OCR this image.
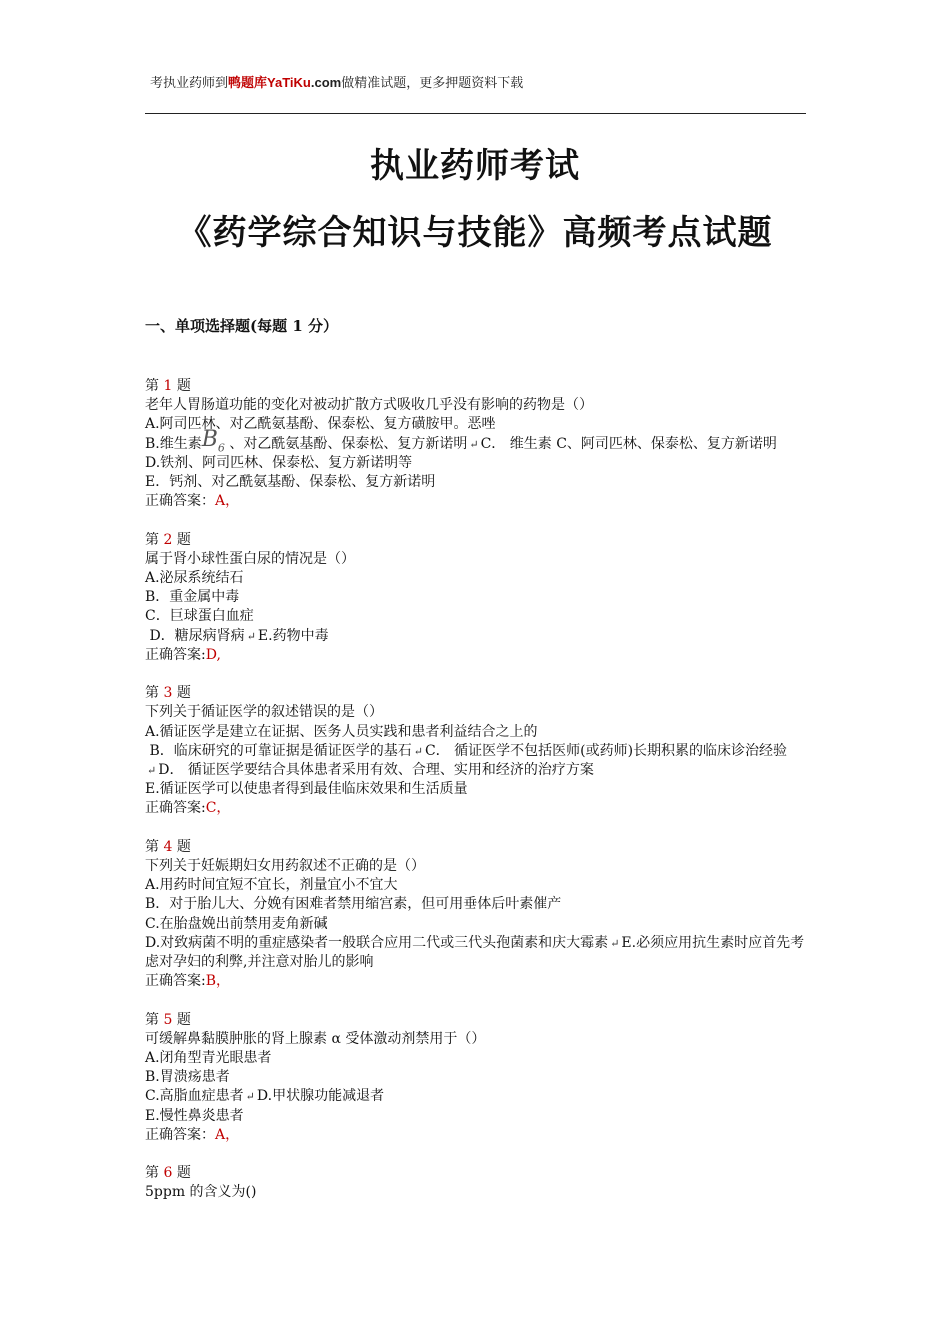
考执业药师到鸭题库YaTiKu.com做精准试题，更多押题资料下载
执业药师考试
《药学综合知识与技能》高频考点试题
一、单项选择题(每题 1 分）
第 1 题
老年人胃肠道功能的变化对被动扩散方式吸收几乎没有影响的药物是（）
A.阿司匹林、对乙酰氨基酚、保泰松、复方磺胺甲。恶唑
B.维生素$B_6$ 、对乙酰氨基酚、保泰松、复方新诺明 ↵ C． 维生素 C、阿司匹林、保泰松、复方新诺明
D.铁剂、阿司匹林、保泰松、复方新诺明等
E．钙剂、对乙酰氨基酚、保泰松、复方新诺明
正确答案：A，
第 2 题
属于肾小球性蛋白尿的情况是（）
A.泌尿系统结石
B．重金属中毒
C．巨球蛋白血症
D．糖尿病肾病 ↵ E.药物中毒
正确答案:D,
第 3 题
下列关于循证医学的叙述错误的是（）
A.循证医学是建立在证据、医务人员实践和患者利益结合之上的
B．临床研究的可靠证据是循证医学的基石 ↵ C． 循证医学不包括医师(或药师)长期积累的临床诊治经验↵ D． 循证医学要结合具体患者采用有效、合理、实用和经济的治疗方案
E.循证医学可以使患者得到最佳临床效果和生活质量
正确答案:C，
第 4 题
下列关于妊娠期妇女用药叙述不正确的是（）
A.用药时间宜短不宜长，剂量宜小不宜大
B．对于胎儿大、分娩有困难者禁用缩宫素，但可用垂体后叶素催产
C.在胎盘娩出前禁用麦角新碱
D.对致病菌不明的重症感染者一般联合应用二代或三代头孢菌素和庆大霉素 ↵ E.必须应用抗生素时应首先考虑对孕妇的利弊,并注意对胎儿的影响
正确答案:B，
第 5 题
可缓解鼻黏膜肿胀的肾上腺素 α 受体激动剂禁用于（）
A.闭角型青光眼患者
B.胃溃疡患者
C.高脂血症患者 ↵ D.甲状腺功能减退者
E.慢性鼻炎患者
正确答案：A，
第 6 题
5ppm 的含义为()
